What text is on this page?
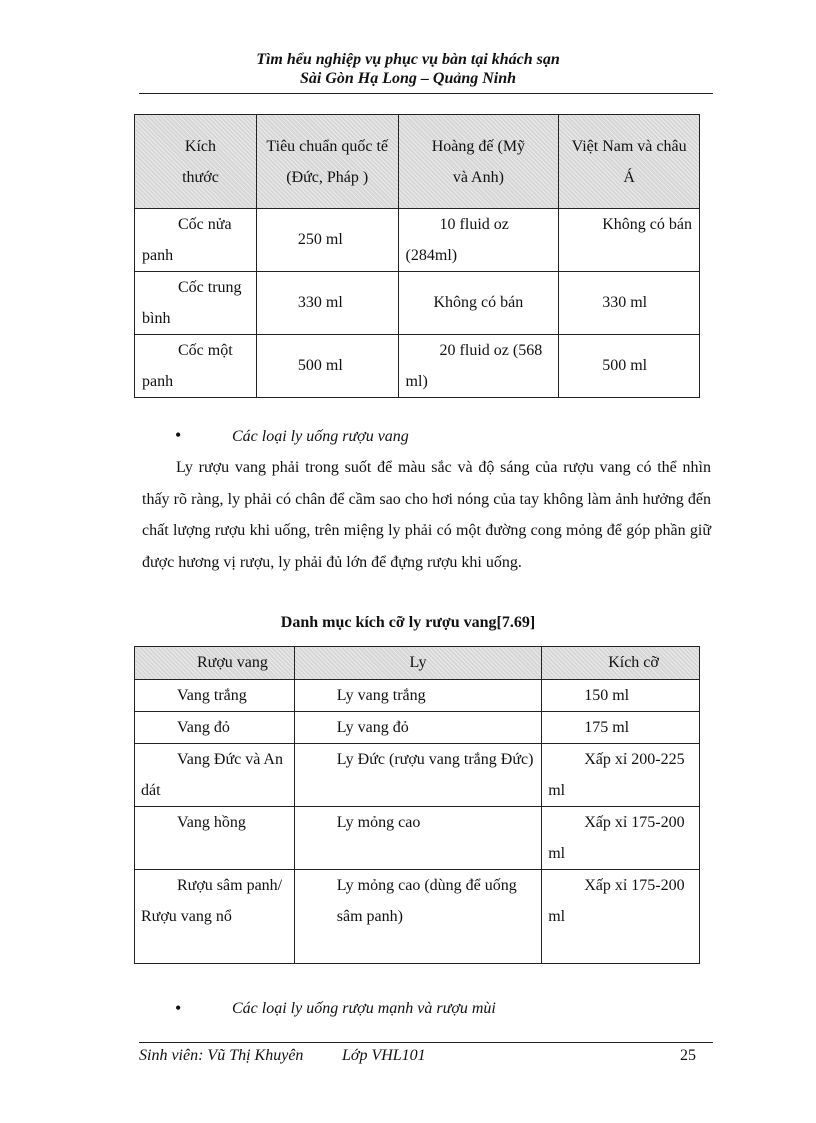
Tìm hểu nghiệp vụ phục vụ bàn tại khách sạn
Sài Gòn Hạ Long – Quảng Ninh
Kích thước	Tiêu chuẩn quốc tế (Đức, Pháp )	Hoàng đế (Mỹ và Anh)	Việt Nam và châu Á

Cốc nửa panh	250 ml	10 fluid oz (284ml)	Không có bán

Cốc trung bình	330 ml	Không có bán	330 ml

Cốc một panh	500 ml	20 fluid oz (568 ml)	500 ml
•	Các loại ly uống rượu vang
Ly rượu vang phải trong suốt để màu sắc và độ sáng của rượu vang có thể nhìn thấy rõ ràng, ly phải có chân để cầm sao cho hơi nóng của tay không làm ảnh hưởng đến chất lượng rượu khi uống, trên miệng ly phải có một đường cong mỏng để góp phần giữ được hương vị rượu, ly phải đủ lớn để đựng rượu khi uống.
Danh mục kích cỡ ly rượu vang[7.69]
Rượu vang	Ly	Kích cỡ

Vang trắng	Ly vang trắng	150 ml

Vang đỏ	Ly vang đỏ	175 ml

Vang Đức và An dát	Ly Đức (rượu vang trắng Đức)	Xấp xỉ 200-225 ml

Vang hồng	Ly mỏng cao	Xấp xỉ 175-200 ml

Rượu sâm panh/ Rượu vang nổ	Ly mỏng cao (dùng để uống sâm panh)	Xấp xỉ 175-200 ml
•	Các loại ly uống rượu mạnh và rượu mùi
Sinh viên: Vũ Thị Khuyên Lớp VHL101	25
